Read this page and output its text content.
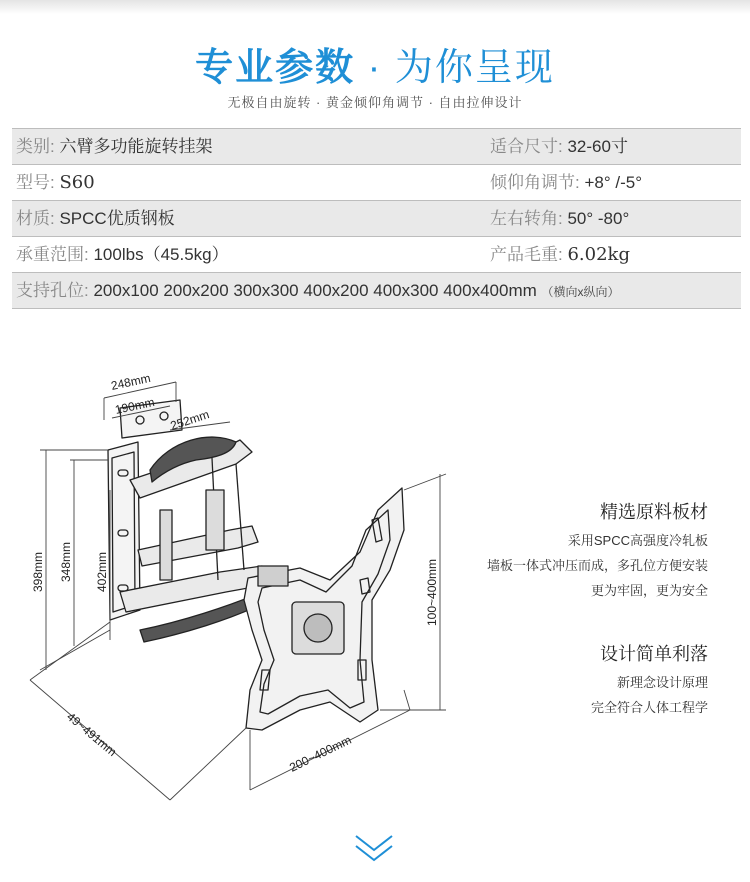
专业参数 · 为你呈现
无极自由旋转 · 黄金倾仰角调节 · 自由拉伸设计
类别: 六臂多功能旋转挂架	适合尺寸: 32-60寸
型号: S60	倾仰角调节: +8° /-5°
材质: SPCC优质钢板	左右转角: 50° -80°
承重范围: 100lbs（45.5kg）	产品毛重: 6.02kg
支持孔位: 200x100 200x200 300x300 400x200 400x300 400x400mm （横向x纵向）
248mm
190mm
252mm
398mm 348mm 402mm	100~400mm
49~491mm	200~400mm
精选原料板材
采用SPCC高强度冷轧板
墙板一体式冲压而成，多孔位方便安装
更为牢固，更为安全
设计简单利落
新理念设计原理
完全符合人体工程学
